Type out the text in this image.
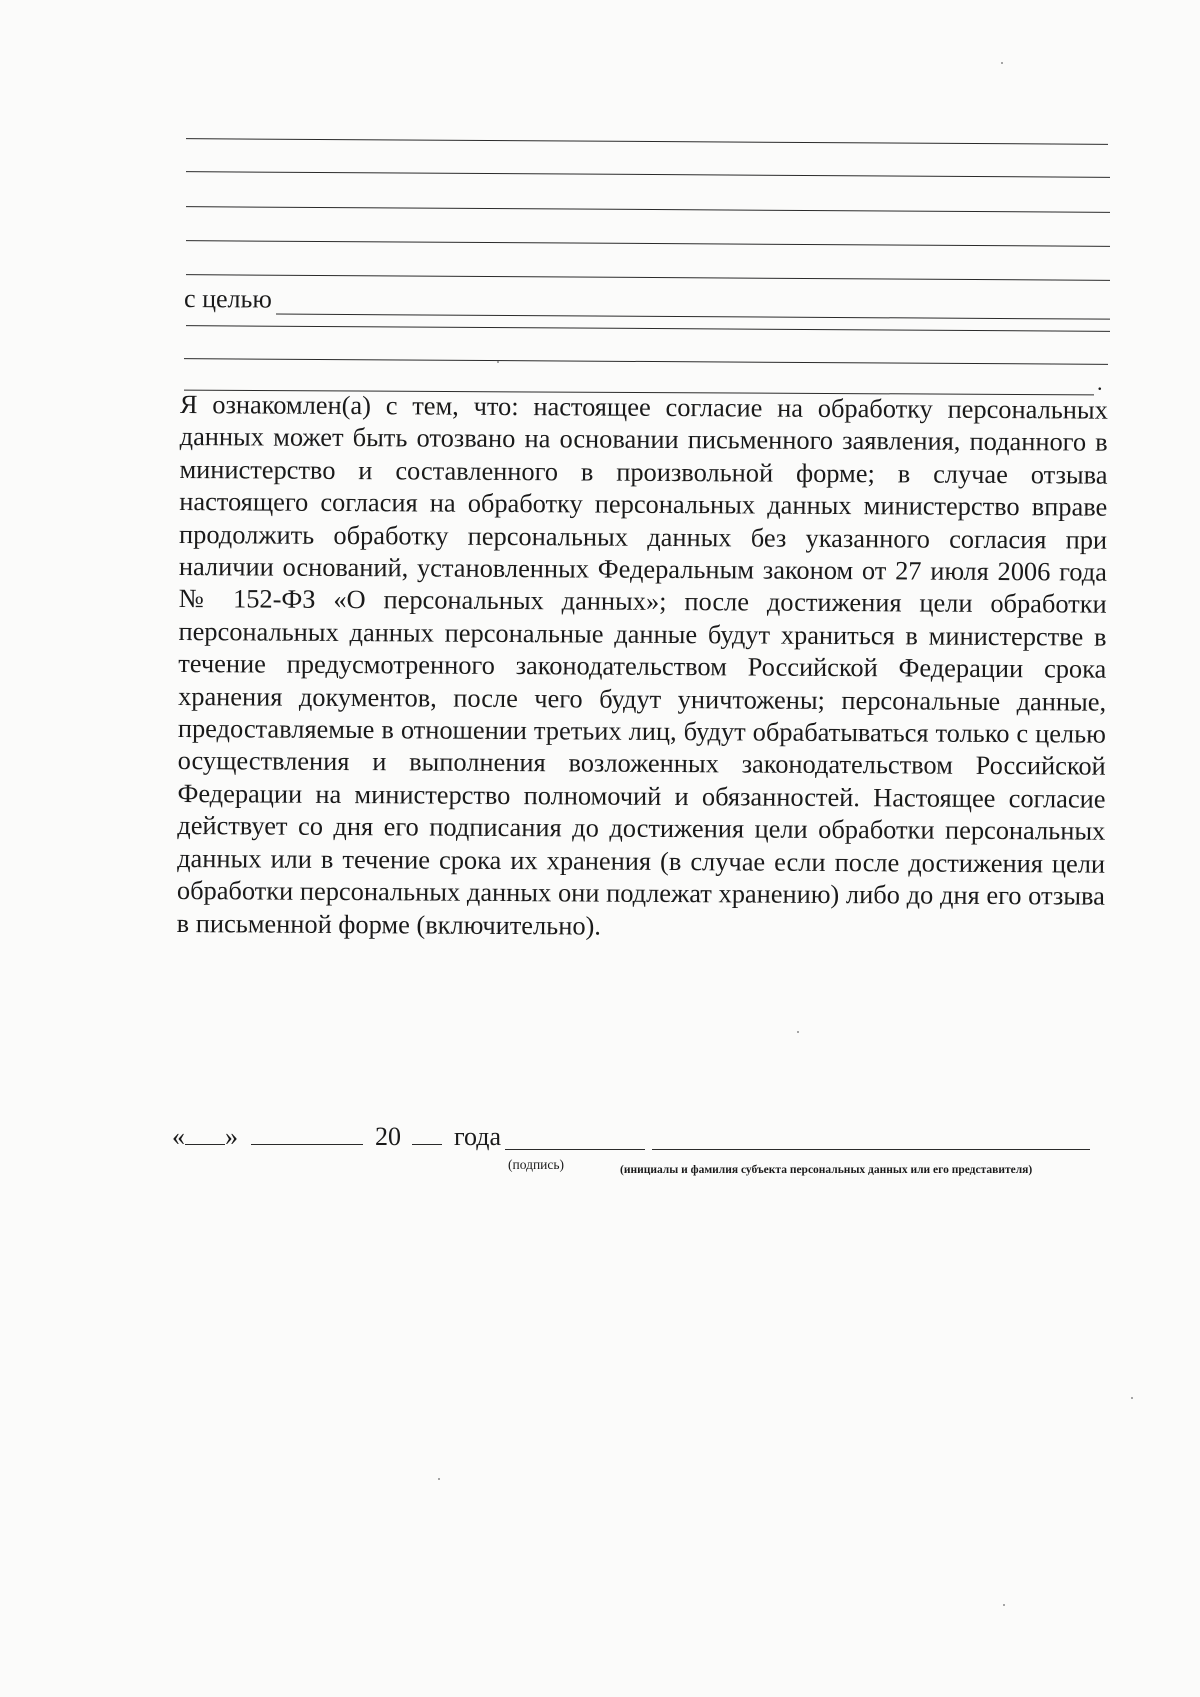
с целью
.
Я ознакомлен(а) с тем, что: настоящее согласие на обработку персональных данных может быть отозвано на основании письменного заявления, поданного в министерство и составленного в произвольной форме; в случае отзыва настоящего согласия на обработку персональных данных министерство вправе продолжить обработку персональных данных без указанного согласия при наличии оснований, установленных Федеральным законом от 27 июля 2006 года № 152-ФЗ «О персональных данных»; после достижения цели обработки персональных данных персональные данные будут храниться в министерстве в течение предусмотренного законодательством Российской Федерации срока хранения документов, после чего будут уничтожены; персональные данные, предоставляемые в отношении третьих лиц, будут обрабатываться только с целью осуществления и выполнения возложенных законодательством Российской Федерации на министерство полномочий и обязанностей. Настоящее согласие действует со дня его подписания до достижения цели обработки персональных данных или в течение срока их хранения (в случае если после достижения цели обработки персональных данных они подлежат хранению) либо до дня его отзыва в письменной форме (включительно).
« »	20 года
(подпись)	(инициалы и фамилия субъекта персональных данных или его представителя)
